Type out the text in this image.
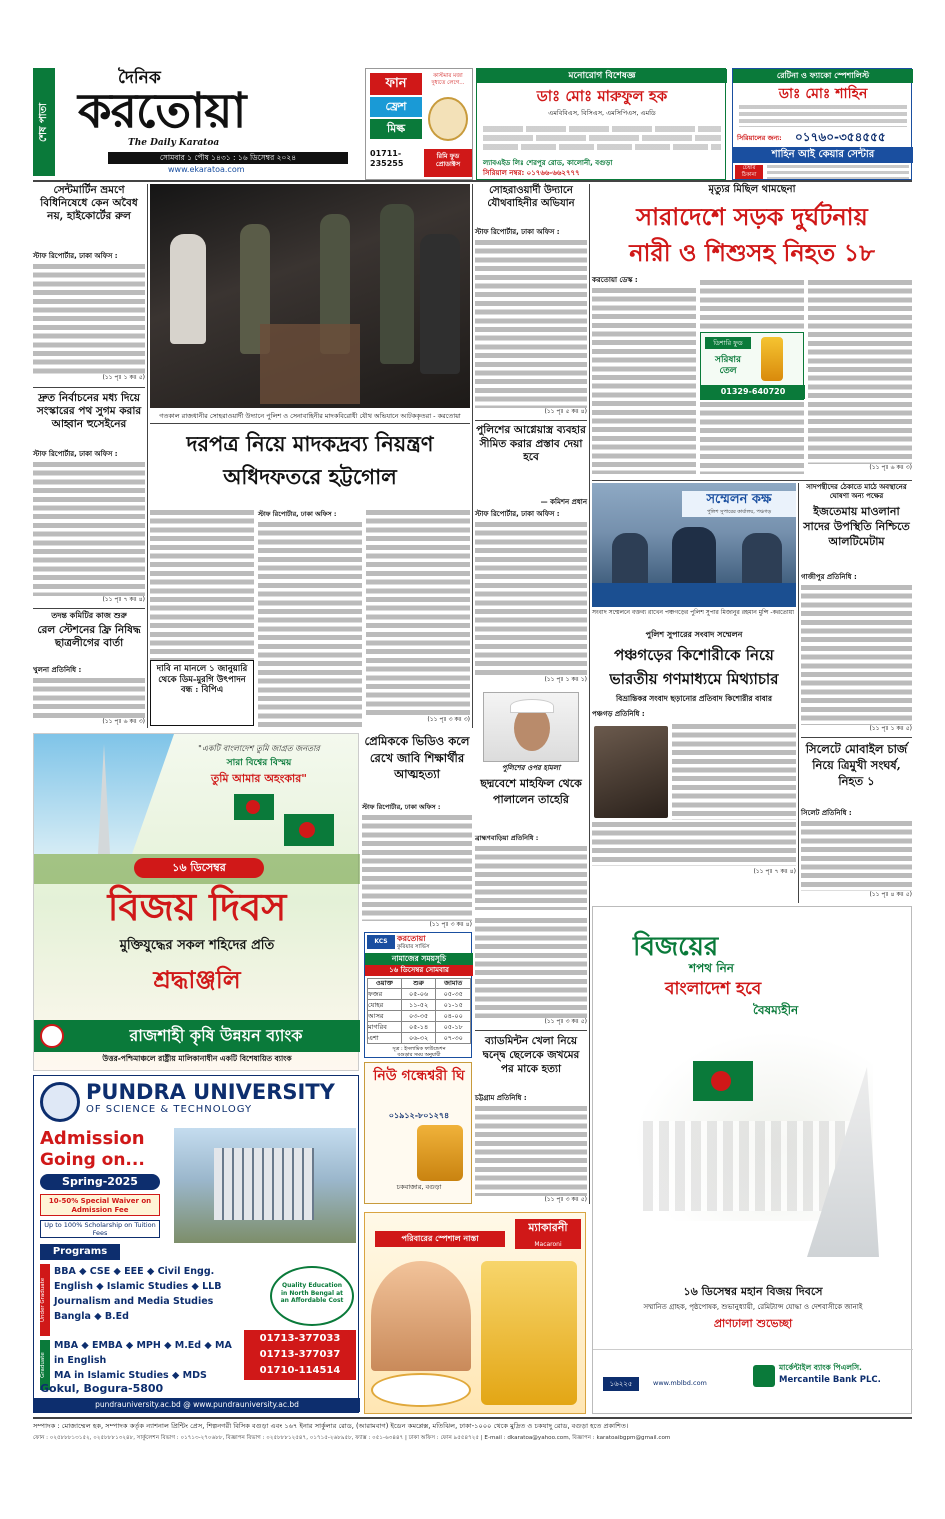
শেষ পাতা
দৈনিক
করতোয়া
The Daily Karatoa
সোমবার ১ পৌষ ১৪৩১ : ১৬ ডিসেম্বর ২০২৪
www.ekaratoa.com
ফান
ফ্রেশ
মিল্ক
কাস্টমার মজা দুধ্যতে লেগে...
01711-235255
রিমি ফুড প্রোডাক্টস
মনোরোগ বিশেষজ্ঞ
ডাঃ মোঃ মারুফুল হক
এমবিবিএস, বিসিএস, এমসিপিএস, এমডি
ল্যাবএইড লিঃ শেরপুর রোড, কালোনী, বগুড়া
সিরিয়াল নম্বর: ০১৭৬৬-৬৬২৭৭৭
রেটিনা ও ফ্যাকো স্পেশালিস্ট
ডাঃ মোঃ শাহিন
সিরিয়ালের জন্য:	০১৭৬০-৩৫৪৫৫৫
শাহিন আই কেয়ার সেন্টার
চেম্বার ঠিকানা
সেন্টমার্টিন ভ্রমণে বিধিনিষেধে কেন অবৈধ নয়, হাইকোর্টের রুল
স্টাফ রিপোর্টার, ঢাকা অফিস :
(১১ পৃঃ ১ কঃ ৫)
দ্রুত নির্বাচনের মধ্য দিয়ে সংস্কারের পথ সুগম করার আহ্বান হুসেইনের
স্টাফ রিপোর্টার, ঢাকা অফিস :
(১১ পৃঃ ৭ কঃ ৪)
তদন্ত কমিটির কাজ শুরু
রেল স্টেশনের ফ্রি নিষিদ্ধ ছাত্রলীগের বার্তা
খুলনা প্রতিনিধি :
(১১ পৃঃ ৬ কঃ ৩)
গতকাল রাজধানীর সোহরাওয়ার্দী উদ্যানে পুলিশ ও সেনাবাহিনীর মাদকবিরোধী যৌথ অভিযানে আটককৃতরা - করতোয়া
দরপত্র নিয়ে মাদকদ্রব্য নিয়ন্ত্রণ অধিদফতরে হট্টগোল
দাবি না মানলে ১ জানুয়ারি থেকে ডিম-মুরগি উৎপাদন বন্ধ : বিপিএ
স্টাফ রিপোর্টার, ঢাকা অফিস :
(১১ পৃঃ ৩ কঃ ৩)
সোহরাওয়ার্দী উদ্যানে যৌথবাহিনীর অভিযান
স্টাফ রিপোর্টার, ঢাকা অফিস :
(১১ পৃঃ ৫ কঃ ৪)
পুলিশের আগ্নেয়াস্ত্র ব্যবহার সীমিত করার প্রস্তাব দেয়া হবে
— কমিশন প্রধান
স্টাফ রিপোর্টার, ঢাকা অফিস :
(১১ পৃঃ ১ কঃ ১)
মৃত্যুর মিছিল থামছেনা
সারাদেশে সড়ক দুর্ঘটনায়
নারী ও শিশুসহ নিহত ১৮
করতোয়া ডেস্ক :
ডিশারি ফুড
সরিষার তেল
01329-640720
(১১ পৃঃ ৬ কঃ ৩)
সম্মেলন কক্ষ
পুলিশ সুপারের কার্যালয়, পঞ্চগড়
সংবাদ সম্মেলনে বক্তব্য রাখেন পঞ্চগড়ের পুলিশ সুপার মিজানুর রহমান মুন্সি -করতোয়া
সাদপন্থীদের ঠেকাতে মাঠে অবস্থানের ঘোষণা অন্য পক্ষের
ইজতেমায় মাওলানা সাদের উপস্থিতি নিশ্চিতে আলটিমেটাম
গাজীপুর প্রতিনিধি :
(১১ পৃঃ ১ কঃ ৫)
সিলেটে মোবাইল চার্জ নিয়ে ত্রিমুখী সংঘর্ষ, নিহত ১
সিলেট প্রতিনিধি :
(১১ পৃঃ ৪ কঃ ৫)
পুলিশ সুপারের সংবাদ সম্মেলন
পঞ্চগড়ের কিশোরীকে নিয়ে
ভারতীয় গণমাধ্যমে মিথ্যাচার
বিভ্রান্তিকর সংবাদ ছড়ানোর প্রতিবাদ কিশোরীর বাবার
পঞ্চগড় প্রতিনিধি :
(১১ পৃঃ ৭ কঃ ৪)
পুলিশের ওপর হামলা
ছদ্মবেশে মাহফিল থেকে পালালেন তাহেরি
ব্রাহ্মণবাড়িয়া প্রতিনিধি :
(১১ পৃঃ ৩ কঃ ৫)
ব্যাডমিন্টন খেলা নিয়ে দ্বন্দ্বে ছেলেকে জখমের পর মাকে হত্যা
চট্টগ্রাম প্রতিনিধি :
(১১ পৃঃ ৩ কঃ ৫)
"একটি বাংলাদেশ তুমি জাগ্রত জনতার
সারা বিশ্বের বিস্ময়
তুমি আমার অহংকার"
১৬ ডিসেম্বর
বিজয় দিবস
মুক্তিযুদ্ধের সকল শহিদের প্রতি
শ্রদ্ধাঞ্জলি
রাজশাহী কৃষি উন্নয়ন ব্যাংক
উত্তর-পশ্চিমাঞ্চলে রাষ্ট্রীয় মালিকানাধীন একটি বিশেষায়িত ব্যাংক
প্রেমিককে ভিডিও কলে রেখে জাবি শিক্ষার্থীর আত্মহত্যা
স্টাফ রিপোর্টার, ঢাকা অফিস :
(১১ পৃঃ ৩ কঃ ৪)
KCS	করতোয়া
কুরিয়ার সার্ভিস
নামাজের সময়সূচি
১৬ ডিসেম্বর সোমবার
ওয়াক্ত	শুরু	জামাত
ফজর	০৫-০৬	০৫-৩৫
যোহর	১১-৫২	০১-১৫
আসর	০৩-৩৫	০৪-০০
মাগরিব	০৫-১৪	০৫-১৮
এশা	০৬-৩২	০৭-৩০
সূত্র : ইসলামিক ফাউন্ডেশন
বগুড়ার সময় অনুযায়ী
নিউ গন্ধেশ্বরী ঘি
০১৯১২-৮০১২৭৪
চকবাজার, বগুড়া
PUNDRA UNIVERSITY
OF SCIENCE & TECHNOLOGY
Admission
Going on...
Spring-2025
10-50% Special Waiver on Admission Fee
Up to 100% Scholarship on Tuition Fees
Programs
Under Graduate
BBA ◆ CSE ◆ EEE ◆ Civil Engg.
English ◆ Islamic Studies ◆ LLB
Journalism and Media Studies
Bangla ◆ B.Ed
Quality Education in North Bengal at an Affordable Cost
Graduate
MBA ◆ EMBA ◆ MPH ◆ M.Ed ◆ MA in English
MA in Islamic Studies ◆ MDS
01713-377033
01713-377037
01710-114514
Gokul, Bogura-5800
pundrauniversity.ac.bd @ www.pundrauniversity.ac.bd
পরিবারের স্পেশাল নাস্তা
ম্যাকারনী
Macaroni
বিজয়ের
শপথ নিন
বাংলাদেশ হবে
বৈষম্যহীন
১৬ ডিসেম্বর মহান বিজয় দিবসে
সম্মানিত গ্রাহক, পৃষ্ঠপোষক, শুভানুধ্যায়ী, রেমিট্যান্স যোদ্ধা ও দেশবাসীকে জানাই
প্রাণঢালা শুভেচ্ছা
১৬২২৫	www.mblbd.com
মার্কেন্টাইল ব্যাংক পিএলসি.
Mercantile Bank PLC.
সম্পাদক : মোজাম্মেল হক, সম্পাদক কর্তৃক ন্যাশনাল প্রিন্টিং প্রেস, শিল্পনগরী বিসিক বগুড়া এবং ১৬৭ ইনার সার্কুলার রোড, (আরামবাগ) ইডেন কমপ্লেক্স, মতিঝিল, ঢাকা-১০০০ থেকে মুদ্রিত ও চকযাদু রোড, বগুড়া হতে প্রকাশিত।
ফোন : ০২৫৮৮৮১৩১৫২, ০২৫৮৮৮১৩২৪৮, সার্কুলেশন বিভাগ : ০১৭১৩-২৭০৬৮৮, বিজ্ঞাপন বিভাগ : ০২৫৮৮৮১২৫৪৭, ০১৭১৫-২৬৮৯৫৮, ফ্যাক্স : ০৫১-৬৩৪৪৭ | ঢাকা অফিস : ফোন ৯৫৫৪৭২৫ | E-mail : dkaratoa@yahoo.com, বিজ্ঞাপন : karatoaibgpm@gmail.com
